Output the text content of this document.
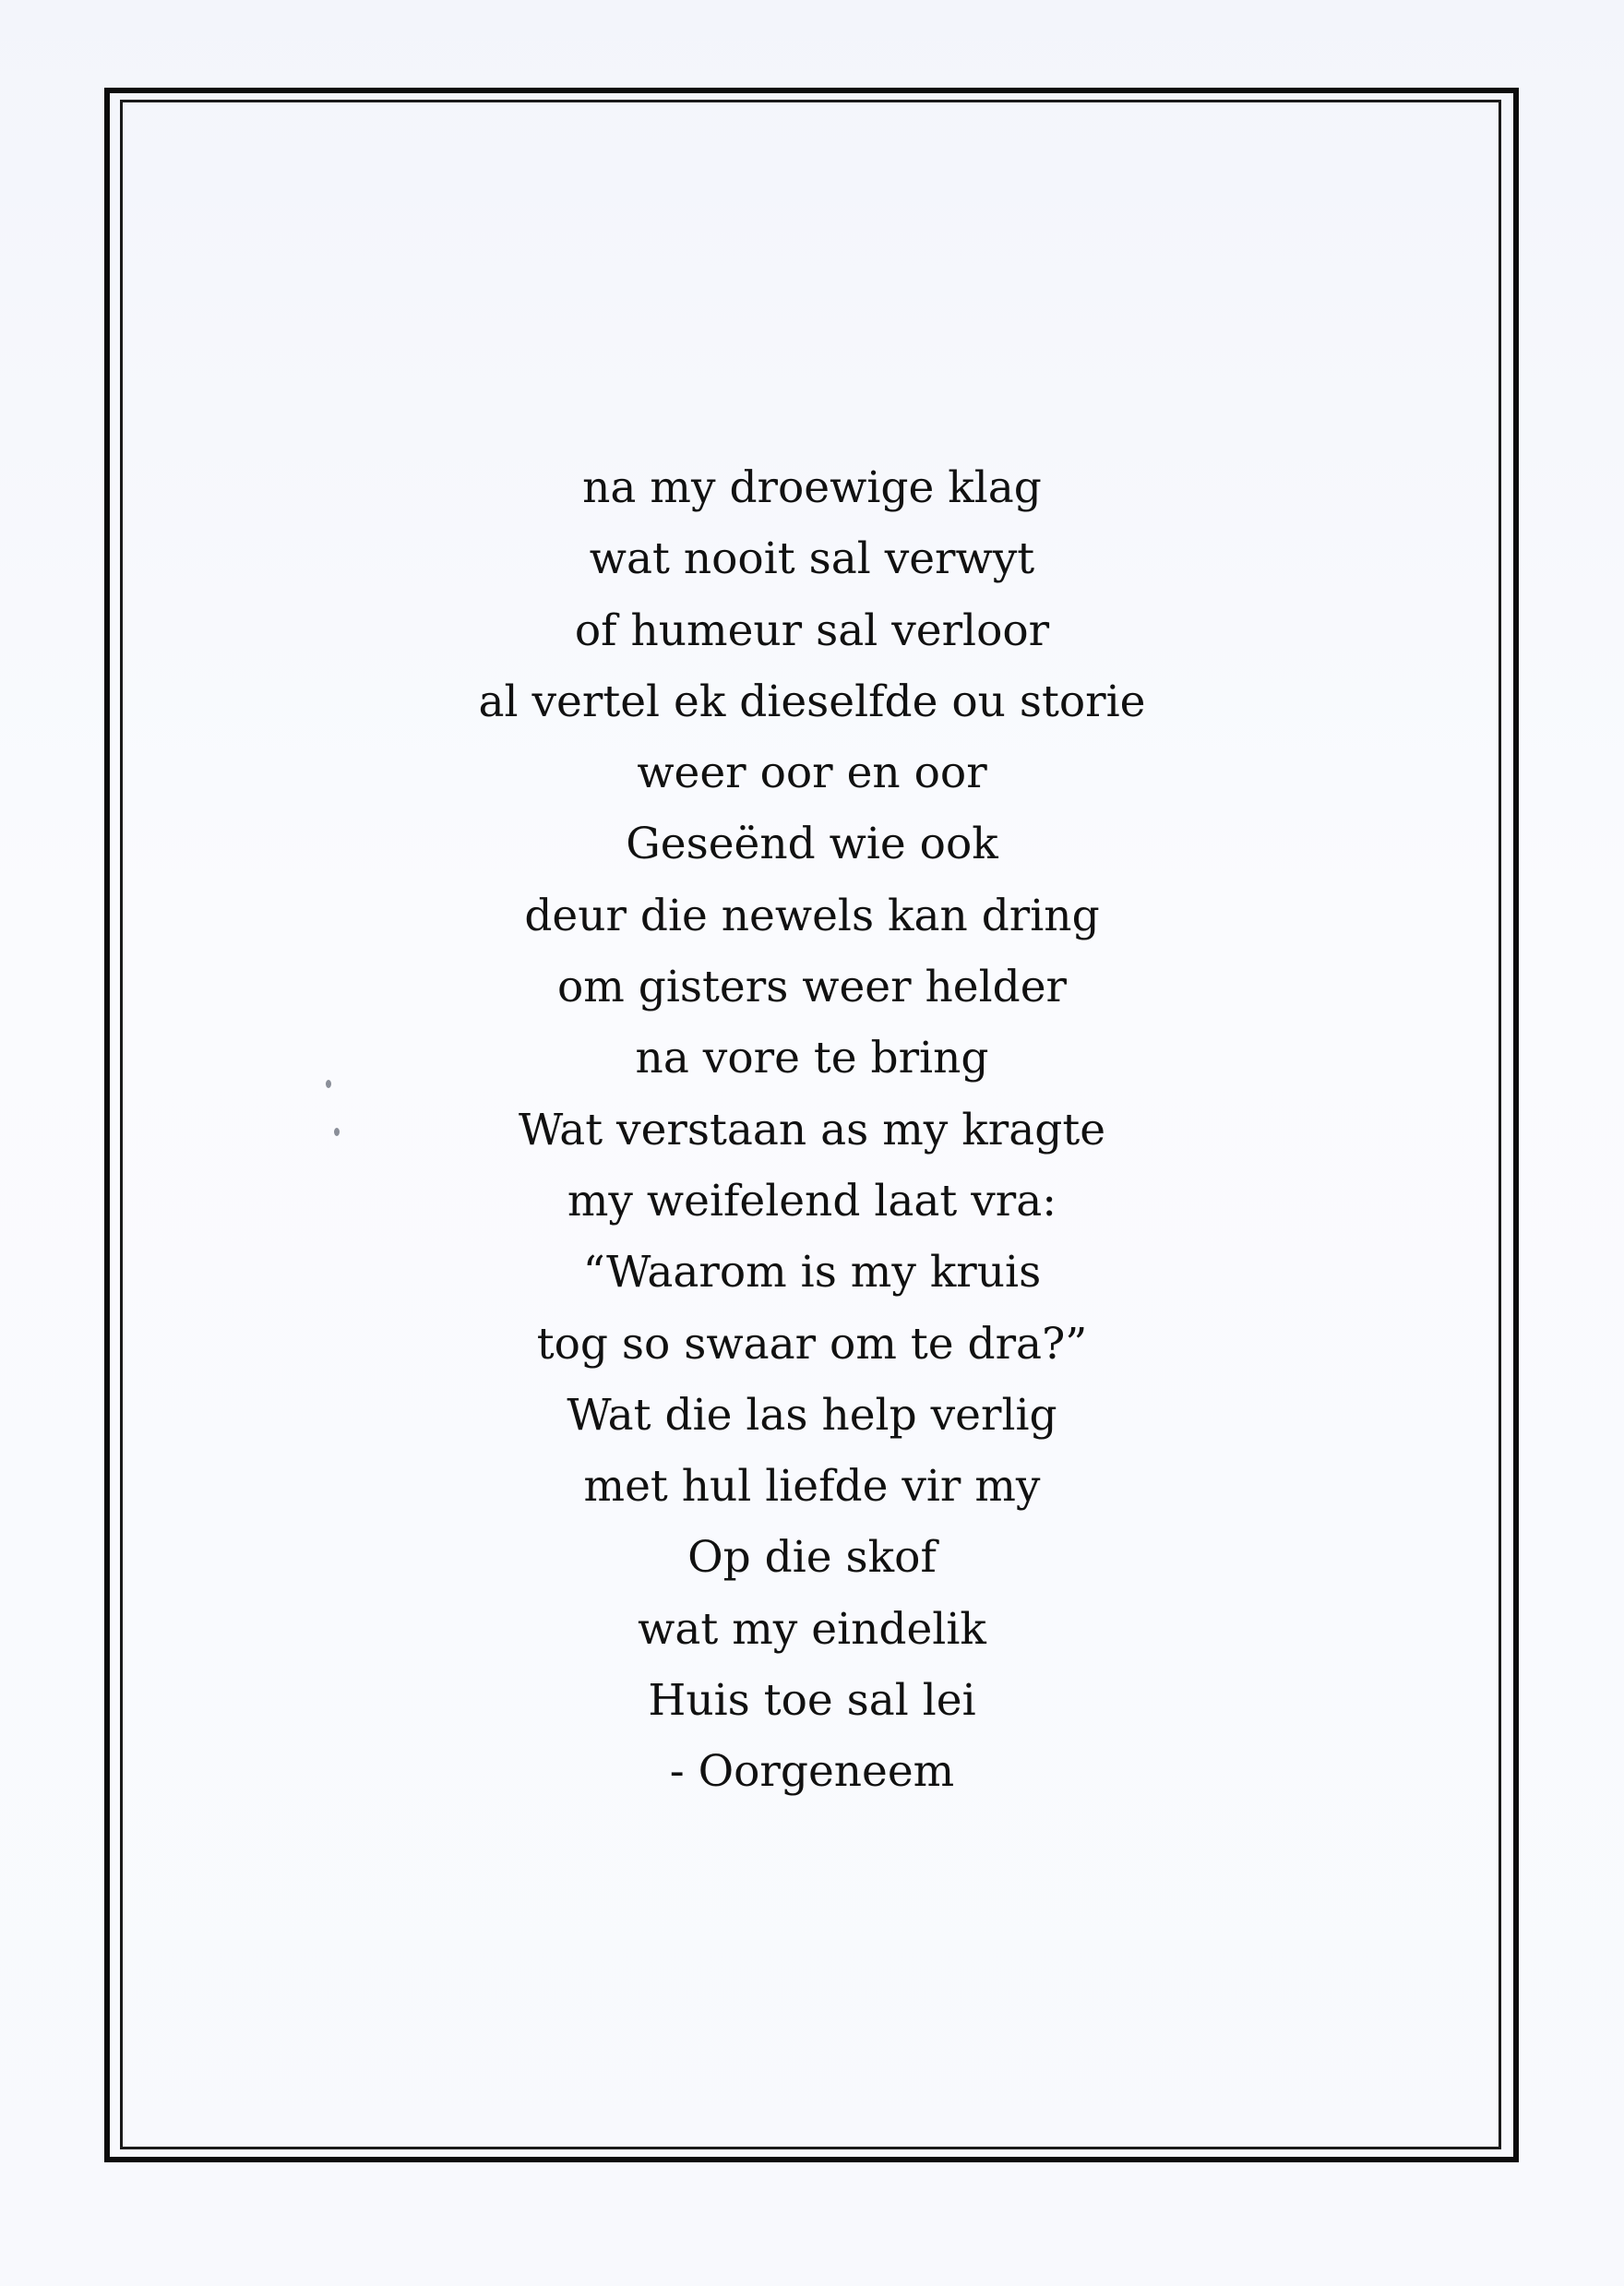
na my droewige klag
wat nooit sal verwyt
of humeur sal verloor
al vertel ek dieselfde ou storie
weer oor en oor
Geseënd wie ook
deur die newels kan dring
om gisters weer helder
na vore te bring
Wat verstaan as my kragte
my weifelend laat vra:
“Waarom is my kruis
tog so swaar om te dra?”
Wat die las help verlig
met hul liefde vir my
Op die skof
wat my eindelik
Huis toe sal lei
- Oorgeneem
